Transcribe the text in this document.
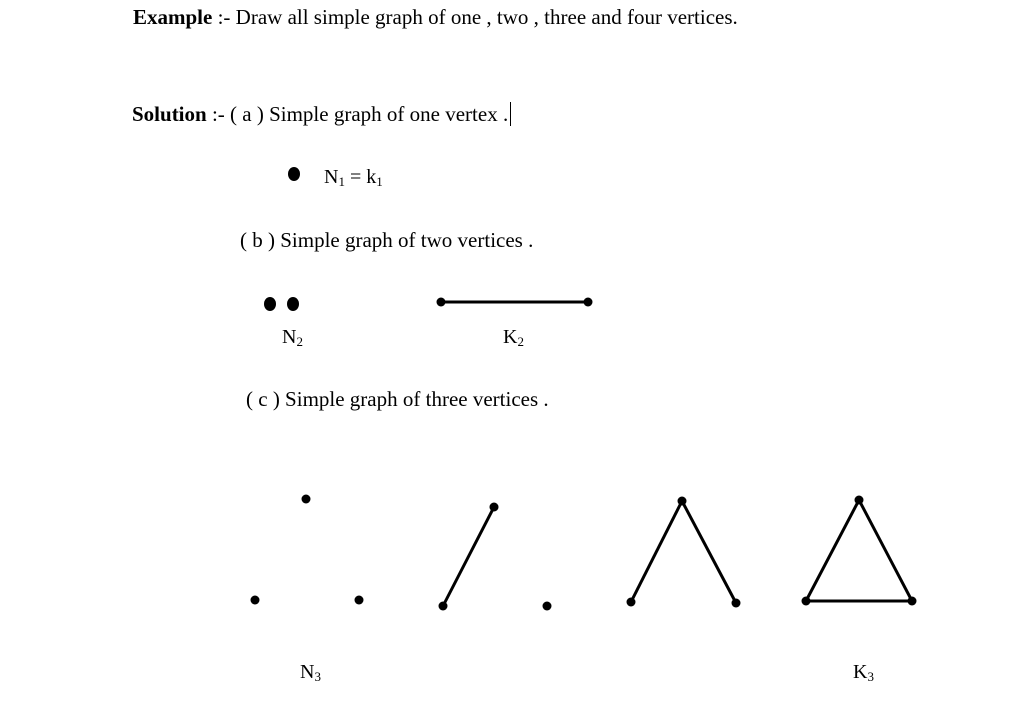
Example :- Draw all simple graph of one , two , three and four vertices.
Solution :- ( a ) Simple graph of one vertex .
( b ) Simple graph of two vertices .
( c ) Simple graph of three vertices .
$N_1 = k_1$
$N_2$	$K_2$
$N_3$	$K_3$
